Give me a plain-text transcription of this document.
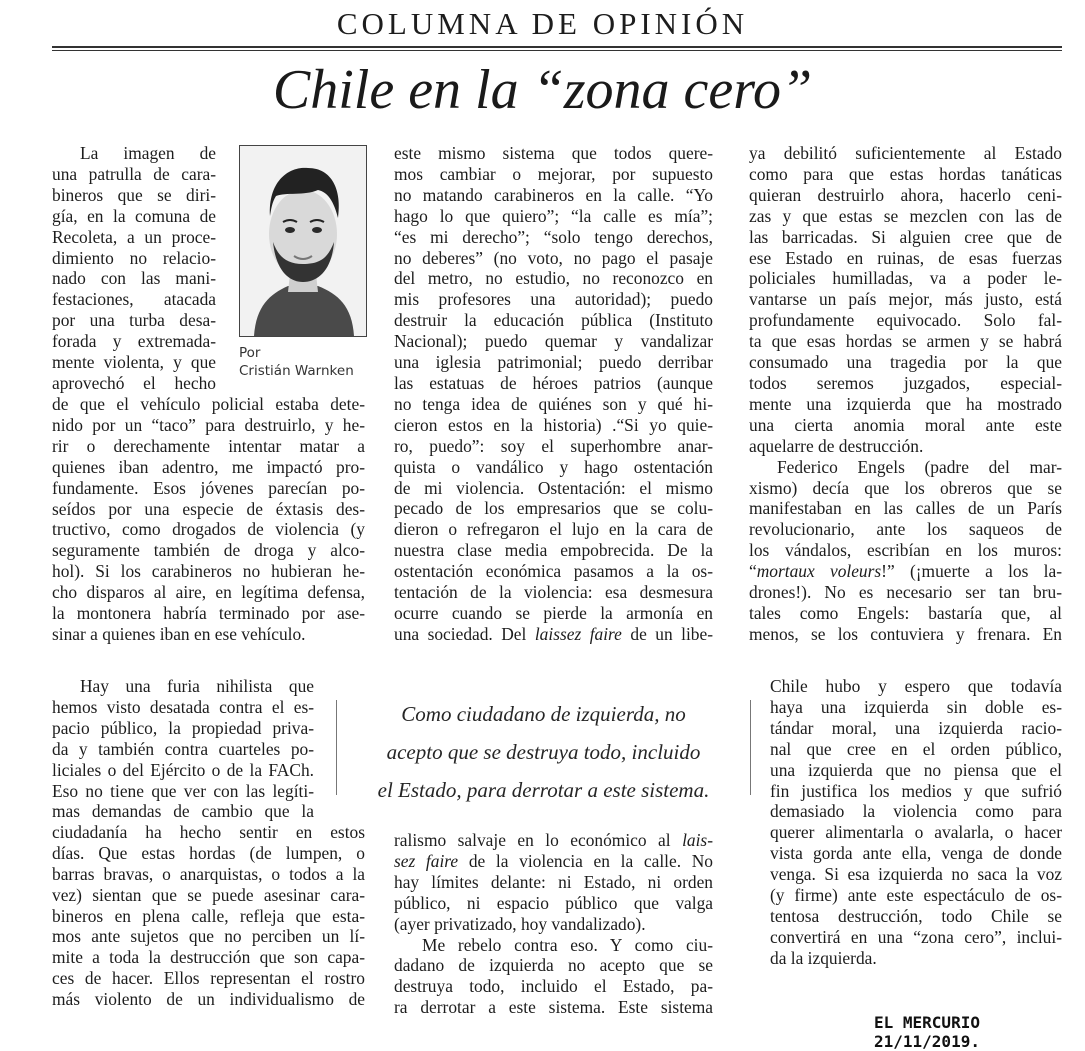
COLUMNA DE OPINIÓN
Chile en la “zona cero”
La imagen de
una patrulla de cara-
bineros que se diri-
gía, en la comuna de
Recoleta, a un proce-
dimiento no relacio-
nado con las mani-
festaciones, atacada
por una turba desa-
forada y extremada-
mente violenta, y que
aprovechó el hecho
Por
Cristián Warnken
de que el vehículo policial estaba dete-
nido por un “taco” para destruirlo, y he-
rir o derechamente intentar matar a
quienes iban adentro, me impactó pro-
fundamente. Esos jóvenes parecían po-
seídos por una especie de éxtasis des-
tructivo, como drogados de violencia (y
seguramente también de droga y alco-
hol). Si los carabineros no hubieran he-
cho disparos al aire, en legítima defensa,
la montonera habría terminado por ase-
sinar a quienes iban en ese vehículo.
Hay una furia nihilista que
hemos visto desatada contra el es-
pacio público, la propiedad priva-
da y también contra cuarteles po-
liciales o del Ejército o de la FACh.
Eso no tiene que ver con las legíti-
mas demandas de cambio que la
ciudadanía ha hecho sentir en estos
días. Que estas hordas (de lumpen, o
barras bravas, o anarquistas, o todos a la
vez) sientan que se puede asesinar cara-
bineros en plena calle, refleja que esta-
mos ante sujetos que no perciben un lí-
mite a toda la destrucción que son capa-
ces de hacer. Ellos representan el rostro
más violento de un individualismo de
este mismo sistema que todos quere-
mos cambiar o mejorar, por supuesto
no matando carabineros en la calle. “Yo
hago lo que quiero”; “la calle es mía”;
“es mi derecho”; “solo tengo derechos,
no deberes” (no voto, no pago el pasaje
del metro, no estudio, no reconozco en
mis profesores una autoridad); puedo
destruir la educación pública (Instituto
Nacional); puedo quemar y vandalizar
una iglesia patrimonial; puedo derribar
las estatuas de héroes patrios (aunque
no tenga idea de quiénes son y qué hi-
cieron estos en la historia) .“Si yo quie-
ro, puedo”: soy el superhombre anar-
quista o vandálico y hago ostentación
de mi violencia. Ostentación: el mismo
pecado de los empresarios que se colu-
dieron o refregaron el lujo en la cara de
nuestra clase media empobrecida. De la
ostentación económica pasamos a la os-
tentación de la violencia: esa desmesura
ocurre cuando se pierde la armonía en
una sociedad. Del laissez faire de un libe-
Como ciudadano de izquierda, no
acepto que se destruya todo, incluido
el Estado, para derrotar a este sistema.
ralismo salvaje en lo económico al lais-
sez faire de la violencia en la calle. No
hay límites delante: ni Estado, ni orden
público, ni espacio público que valga
(ayer privatizado, hoy vandalizado).
Me rebelo contra eso. Y como ciu-
dadano de izquierda no acepto que se
destruya todo, incluido el Estado, pa-
ra derrotar a este sistema. Este sistema
ya debilitó suficientemente al Estado
como para que estas hordas tanáticas
quieran destruirlo ahora, hacerlo ceni-
zas y que estas se mezclen con las de
las barricadas. Si alguien cree que de
ese Estado en ruinas, de esas fuerzas
policiales humilladas, va a poder le-
vantarse un país mejor, más justo, está
profundamente equivocado. Solo fal-
ta que esas hordas se armen y se habrá
consumado una tragedia por la que
todos seremos juzgados, especial-
mente una izquierda que ha mostrado
una cierta anomia moral ante este
aquelarre de destrucción.
Federico Engels (padre del mar-
xismo) decía que los obreros que se
manifestaban en las calles de un París
revolucionario, ante los saqueos de
los vándalos, escribían en los muros:
“mortaux voleurs!” (¡muerte a los la-
drones!). No es necesario ser tan bru-
tales como Engels: bastaría que, al
menos, se los contuviera y frenara. En
Chile hubo y espero que todavía
haya una izquierda sin doble es-
tándar moral, una izquierda racio-
nal que cree en el orden público,
una izquierda que no piensa que el
fin justifica los medios y que sufrió
demasiado la violencia como para
querer alimentarla o avalarla, o hacer
vista gorda ante ella, venga de donde
venga. Si esa izquierda no saca la voz
(y firme) ante este espectáculo de os-
tentosa destrucción, todo Chile se
convertirá en una “zona cero”, inclui-
da la izquierda.
EL MERCURIO 21/11/2019.
